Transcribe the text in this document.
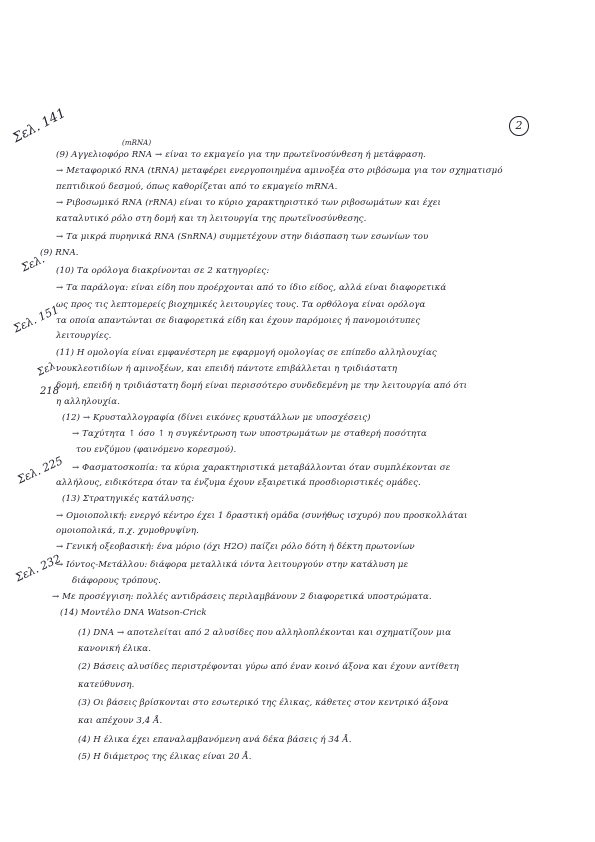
2
Σελ. 141
Σελ.
Σελ. 151
Σελ.
218
Σελ. 225
Σελ. 232
(mRNA)
(9) Αγγελιοφόρο RNA → είναι το εκμαγείο για την πρωτεϊνοσύνθεση ή μετάφραση.
→ Μεταφορικό RNA (tRNA) μεταφέρει ενεργοποιημένα αμινοξέα στο ριβόσωμα για τον σχηματισμό
πεπτιδικού δεσμού, όπως καθορίζεται από το εκμαγείο mRNA.
→ Ριβοσωμικό RNA (rRNA) είναι το κύριο χαρακτηριστικό των ριβοσωμάτων και έχει
καταλυτικό ρόλο στη δομή και τη λειτουργία της πρωτεϊνοσύνθεσης.
→ Τα μικρά πυρηνικά RNA (SnRNA) συμμετέχουν στην διάσπαση των εσωνίων του
(9) RNA.
(10) Τα ορόλογα διακρίνονται σε 2 κατηγορίες:
→ Τα παράλογα: είναι είδη που προέρχονται από το ίδιο είδος, αλλά είναι διαφορετικά
ως προς τις λεπτομερείς βιοχημικές λειτουργίες τους. Τα ορθόλογα είναι ορόλογα
τα οποία απαντώνται σε διαφορετικά είδη και έχουν παρόμοιες ή πανομοιότυπες
λειτουργίες.
(11) Η ομολογία είναι εμφανέστερη με εφαρμογή ομολογίας σε επίπεδο αλληλουχίας
νουκλεοτιδίων ή αμινοξέων, και επειδή πάντοτε επιβάλλεται η τριδιάστατη
δομή, επειδή η τριδιάστατη δομή είναι περισσότερο συνδεδεμένη με την λειτουργία από ότι
η αλληλουχία.
(12) → Κρυσταλλογραφία (δίνει εικόνες κρυστάλλων με υποσχέσεις)
→ Ταχύτητα ↑ όσο ↑ η συγκέντρωση των υποστρωμάτων με σταθερή ποσότητα
του ενζύμου (φαινόμενο κορεσμού).
→ Φασματοσκοπία: τα κύρια χαρακτηριστικά μεταβάλλονται όταν συμπλέκονται σε
αλλήλους, ειδικότερα όταν τα ένζυμα έχουν εξαιρετικά προσδιοριστικές ομάδες.
(13) Στρατηγικές κατάλυσης:
→ Ομοιοπολική: ενεργό κέντρο έχει 1 δραστική ομάδα (συνήθως ισχυρό) που προσκολλάται
ομοιοπολικά, π.χ. χυμοθρυψίνη.
→ Γενική οξεοβασική: ένα μόριο (όχι H2O) παίζει ρόλο δότη ή δέκτη πρωτονίων
→ Ιόντος-Μετάλλου: διάφορα μεταλλικά ιόντα λειτουργούν στην κατάλυση με
διάφορους τρόπους.
→ Με προσέγγιση: πολλές αντιδράσεις περιλαμβάνουν 2 διαφορετικά υποστρώματα.
(14) Μοντέλο DNA Watson-Crick
(1) DNA → αποτελείται από 2 αλυσίδες που αλληλοπλέκονται και σχηματίζουν μια
κανονική έλικα.
(2) Βάσεις αλυσίδες περιστρέφονται γύρω από έναν κοινό άξονα και έχουν αντίθετη
κατεύθυνση.
(3) Οι βάσεις βρίσκονται στο εσωτερικό της έλικας, κάθετες στον κεντρικό άξονα
και απέχουν 3,4 Å.
(4) Η έλικα έχει επαναλαμβανόμενη ανά δέκα βάσεις ή 34 Å.
(5) Η διάμετρος της έλικας είναι 20 Å.
